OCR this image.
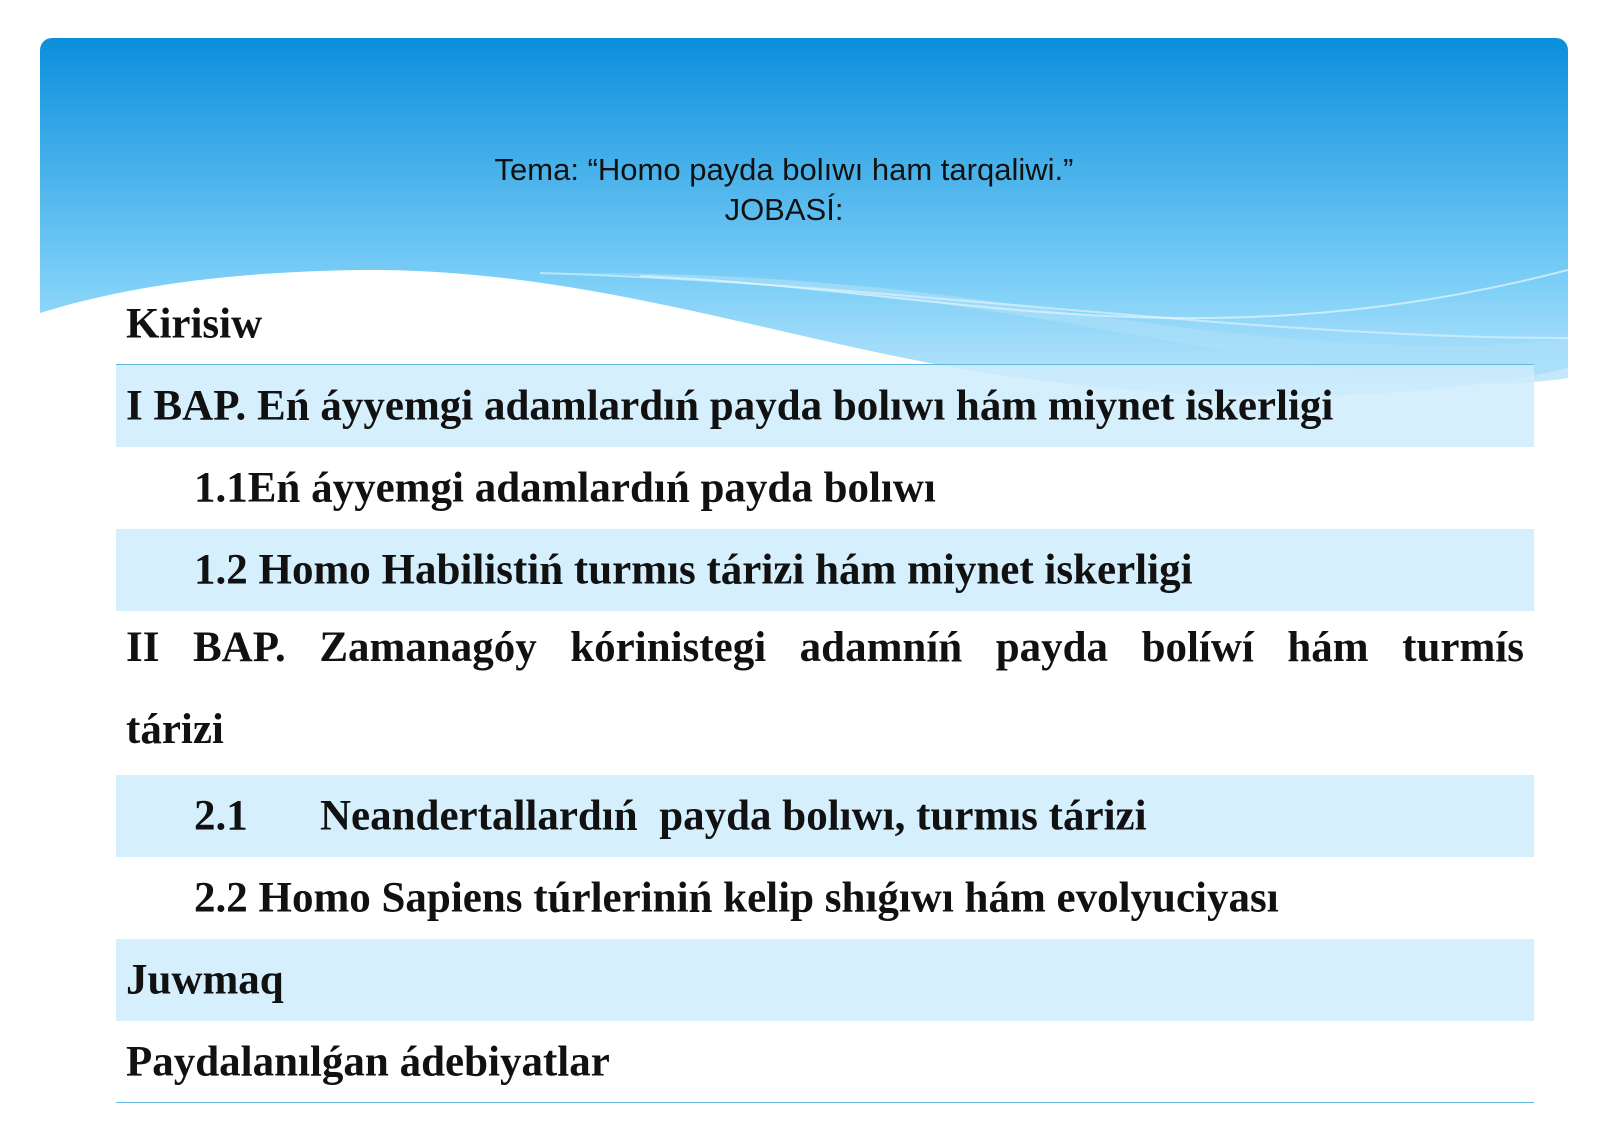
Tema: “Homo payda bolıwı ham tarqaliwi.”
JOBASÍ:
Kirisiw
I BAP. Eń áyyemgi adamlardıń payda bolıwı hám miynet iskerligi
1.1Eń áyyemgi adamlardıń payda bolıwı
1.2 Homo Habilistiń turmıs tárizi hám miynet iskerligi
II BAP. Zamanagóy kórinistegi adamníń payda bolíwí hám turmís
tárizi
2.1 Neandertallardıń  payda bolıwı, turmıs tárizi
2.2 Homo Sapiens túrleriniń kelip shıǵıwı hám evolyuciyası
Juwmaq
Paydalanılǵan ádebiyatlar
